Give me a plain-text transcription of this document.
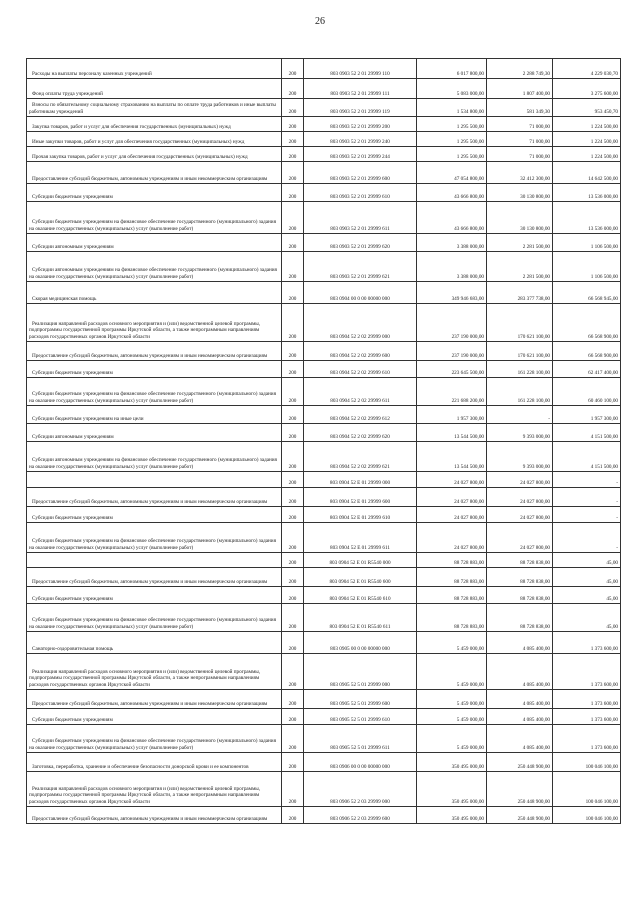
26
Расходы на выплаты персоналу казенных учреждений	200	803 0903 52 2 01 29999 110	6 017 800,00	2 288 749,30	4 229 030,70
Фонд оплаты труда учреждений	200	803 0903 52 2 01 29999 111	5 083 000,00	1 807 400,00	3 275 600,00
Взносы по обязательному социальному страхованию на выплаты по оплате труда работников и иные выплаты работникам учреждений	200	803 0903 52 2 01 29999 119	1 534 800,00	581 349,30	953 450,70
Закупка товаров, работ и услуг для обеспечения государственных (муниципальных) нужд	200	803 0903 52 2 01 29999 200	1 295 500,00	71 000,00	1 224 500,00
Иные закупки товаров, работ и услуг для обеспечения государственных (муниципальных) нужд	200	803 0903 52 2 01 29999 240	1 295 500,00	71 000,00	1 224 500,00
Прочая закупка товаров, работ и услуг для обеспечения государственных (муниципальных) нужд	200	803 0903 52 2 01 29999 244	1 295 500,00	71 000,00	1 224 500,00
Предоставление субсидий бюджетным, автономным учреждениям и иным некоммерческим организациям	200	803 0903 52 2 01 29999 600	47 054 800,00	32 412 300,00	14 642 500,00
Субсидии бюджетным учреждениям	200	803 0903 52 2 01 29999 610	43 666 800,00	30 130 800,00	13 536 000,00
Субсидии бюджетным учреждениям на финансовое обеспечение государственного (муниципального) задания на оказание государственных (муниципальных) услуг (выполнение работ)	200	803 0903 52 2 01 29999 611	43 666 800,00	30 130 800,00	13 536 000,00
Субсидии автономным учреждениям	200	803 0903 52 2 01 29999 620	3 388 000,00	2 281 500,00	1 106 500,00
Субсидии автономным учреждениям на финансовое обеспечение государственного (муниципального) задания на оказание государственных (муниципальных) услуг (выполнение работ)	200	803 0903 52 2 01 29999 621	3 388 000,00	2 281 500,00	1 106 500,00
Скорая медицинская помощь	200	803 0904 00 0 00 00000 000	349 946 683,00	283 377 738,00	66 568 945,00
Реализация направлений расходов основного мероприятия и (или) ведомственной целевой программы, подпрограммы государственной программы Иркутской области, а также непрограммным направлениям расходов государственных органов Иркутской области	200	803 0904 52 2 02 29999 000	237 190 000,00	170 621 100,00	66 568 900,00
Предоставление субсидий бюджетным, автономным учреждениям и иным некоммерческим организациям	200	803 0904 52 2 02 29999 600	237 190 000,00	170 621 100,00	66 568 900,00
Субсидии бюджетным учреждениям	200	803 0904 52 2 02 29999 610	223 645 500,00	161 228 100,00	62 417 400,00
Субсидии бюджетным учреждениям на финансовое обеспечение государственного (муниципального) задания на оказание государственных (муниципальных) услуг (выполнение работ)	200	803 0904 52 2 02 29999 611	221 688 200,00	161 228 100,00	60 460 100,00
Субсидии бюджетным учреждениям на иные цели	200	803 0904 52 2 02 29999 612	1 957 300,00	-	1 957 300,00
Субсидии автономным учреждениям	200	803 0904 52 2 02 29999 620	13 544 500,00	9 393 000,00	4 151 500,00
Субсидии автономным учреждениям на финансовое обеспечение государственного (муниципального) задания на оказание государственных (муниципальных) услуг (выполнение работ)	200	803 0904 52 2 02 29999 621	13 544 500,00	9 393 000,00	4 151 500,00
	200	803 0904 52 Е 01 29999 000	24 027 800,00	24 027 800,00	-
Предоставление субсидий бюджетным, автономным учреждениям и иным некоммерческим организациям	200	803 0904 52 Е 01 29999 600	24 027 800,00	24 027 800,00	-
Субсидии бюджетным учреждениям	200	803 0904 52 Е 01 29999 610	24 027 800,00	24 027 800,00	-
Субсидии бюджетным учреждениям на финансовое обеспечение государственного (муниципального) задания на оказание государственных (муниципальных) услуг (выполнение работ)	200	803 0904 52 Е 01 29999 611	24 027 800,00	24 027 800,00	-
	200	803 0904 52 Е 01 R5540 000	88 728 883,00	88 728 838,00	45,00
Предоставление субсидий бюджетным, автономным учреждениям и иным некоммерческим организациям	200	803 0904 52 Е 01 R5540 600	88 728 883,00	88 728 838,00	45,00
Субсидии бюджетным учреждениям	200	803 0904 52 Е 01 R5540 610	88 728 883,00	88 728 838,00	45,00
Субсидии бюджетным учреждениям на финансовое обеспечение государственного (муниципального) задания на оказание государственных (муниципальных) услуг (выполнение работ)	200	803 0904 52 Е 01 R5540 611	88 728 883,00	88 728 838,00	45,00
Санаторно-оздоровительная помощь	200	803 0905 00 0 00 00000 000	5 459 000,00	4 085 400,00	1 373 600,00
Реализация направлений расходов основного мероприятия и (или) ведомственной целевой программы, подпрограммы государственной программы Иркутской области, а также непрограммным направлениям расходов государственных органов Иркутской области	200	803 0905 52 5 01 29999 000	5 459 000,00	4 085 400,00	1 373 600,00
Предоставление субсидий бюджетным, автономным учреждениям и иным некоммерческим организациям	200	803 0905 52 5 01 29999 600	5 459 000,00	4 085 400,00	1 373 600,00
Субсидии бюджетным учреждениям	200	803 0905 52 5 01 29999 610	5 459 000,00	4 085 400,00	1 373 600,00
Субсидии бюджетным учреждениям на финансовое обеспечение государственного (муниципального) задания на оказание государственных (муниципальных) услуг (выполнение работ)	200	803 0905 52 5 01 29999 611	5 459 000,00	4 085 400,00	1 373 600,00
Заготовка, переработка, хранение и обеспечение безопасности донорской крови и ее компонентов	200	803 0906 00 0 00 00000 000	350 495 000,00	250 448 900,00	100 046 100,00
Реализация направлений расходов основного мероприятия и (или) ведомственной целевой программы, подпрограммы государственной программы Иркутской области, а также непрограммным направлениям расходов государственных органов Иркутской области	200	803 0906 52 2 03 29999 000	350 495 000,00	250 448 900,00	100 046 100,00
Предоставление субсидий бюджетным, автономным учреждениям и иным некоммерческим организациям	200	803 0906 52 2 03 29999 600	350 495 000,00	250 448 900,00	100 046 100,00
